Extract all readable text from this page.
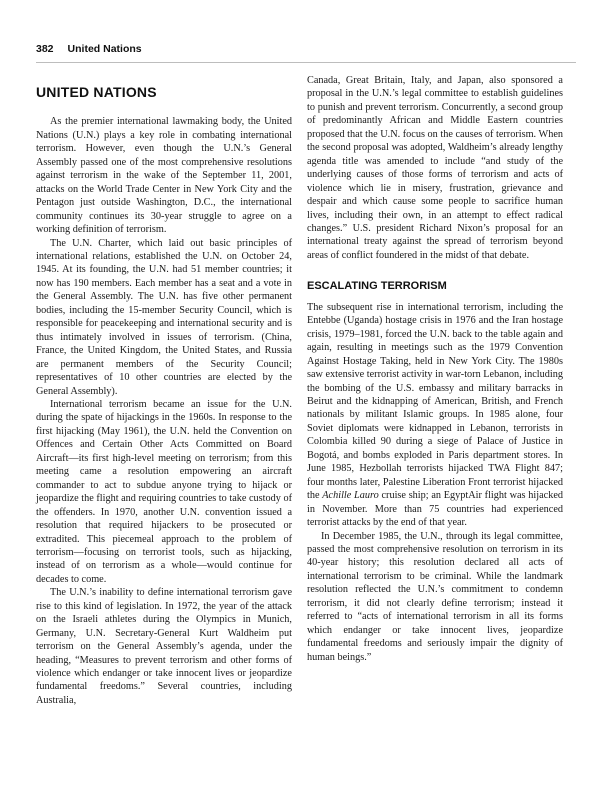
382 United Nations
UNITED NATIONS

As the premier international lawmaking body, the United Nations (U.N.) plays a key role in combating international terrorism. However, even though the U.N.’s General Assembly passed one of the most comprehensive resolutions against terrorism in the wake of the September 11, 2001, attacks on the World Trade Center in New York City and the Pentagon just outside Washington, D.C., the international community continues its 30-year struggle to agree on a working definition of terrorism.

The U.N. Charter, which laid out basic principles of international relations, established the U.N. on October 24, 1945. At its founding, the U.N. had 51 member countries; it now has 190 members. Each member has a seat and a vote in the General Assembly. The U.N. has five other permanent bodies, including the 15-member Security Council, which is responsible for peacekeeping and international security and is thus intimately involved in issues of terrorism. (China, France, the United Kingdom, the United States, and Russia are permanent members of the Security Council; representatives of 10 other countries are elected by the General Assembly).

International terrorism became an issue for the U.N. during the spate of hijackings in the 1960s. In response to the first hijacking (May 1961), the U.N. held the Convention on Offences and Certain Other Acts Committed on Board Aircraft—its first high-level meeting on terrorism; from this meeting came a resolution empowering an aircraft commander to act to subdue anyone trying to hijack or jeopardize the flight and requiring countries to take custody of the offenders. In 1970, another U.N. convention issued a resolution that required hijackers to be prosecuted or extradited. This piecemeal approach to the problem of terrorism—focusing on terrorist tools, such as hijacking, instead of on terrorism as a whole—would continue for decades to come.

The U.N.’s inability to define international terrorism gave rise to this kind of legislation. In 1972, the year of the attack on the Israeli athletes during the Olympics in Munich, Germany, U.N. Secretary-General Kurt Waldheim put terrorism on the General Assembly’s agenda, under the heading, “Measures to prevent terrorism and other forms of violence which endanger or take innocent lives or jeopardize fundamental freedoms.” Several countries, including Australia,

Canada, Great Britain, Italy, and Japan, also sponsored a proposal in the U.N.’s legal committee to establish guidelines to punish and prevent terrorism. Concurrently, a second group of predominantly African and Middle Eastern countries proposed that the U.N. focus on the causes of terrorism. When the second proposal was adopted, Waldheim’s already lengthy agenda title was amended to include “and study of the underlying causes of those forms of terrorism and acts of violence which lie in misery, frustration, grievance and despair and which cause some people to sacrifice human lives, including their own, in an attempt to effect radical changes.” U.S. president Richard Nixon’s proposal for an international treaty against the spread of terrorism beyond areas of conflict foundered in the midst of that debate.

ESCALATING TERRORISM

The subsequent rise in international terrorism, including the Entebbe (Uganda) hostage crisis in 1976 and the Iran hostage crisis, 1979–1981, forced the U.N. back to the table again and again, resulting in meetings such as the 1979 Convention Against Hostage Taking, held in New York City. The 1980s saw extensive terrorist activity in war-torn Lebanon, including the bombing of the U.S. embassy and military barracks in Beirut and the kidnapping of American, British, and French nationals by militant Islamic groups. In 1985 alone, four Soviet diplomats were kidnapped in Lebanon, terrorists in Colombia killed 90 during a siege of Palace of Justice in Bogotá, and bombs exploded in Paris department stores. In June 1985, Hezbollah terrorists hijacked TWA Flight 847; four months later, Palestine Liberation Front terrorist hijacked the Achille Lauro cruise ship; an EgyptAir flight was hijacked in November. More than 75 countries had experienced terrorist attacks by the end of that year.

In December 1985, the U.N., through its legal committee, passed the most comprehensive resolution on terrorism in its 40-year history; this resolution declared all acts of international terrorism to be criminal. While the landmark resolution reflected the U.N.’s commitment to condemn terrorism, it did not clearly define terrorism; instead it referred to “acts of international terrorism in all its forms which endanger or take innocent lives, jeopardize fundamental freedoms and seriously impair the dignity of human beings.”
